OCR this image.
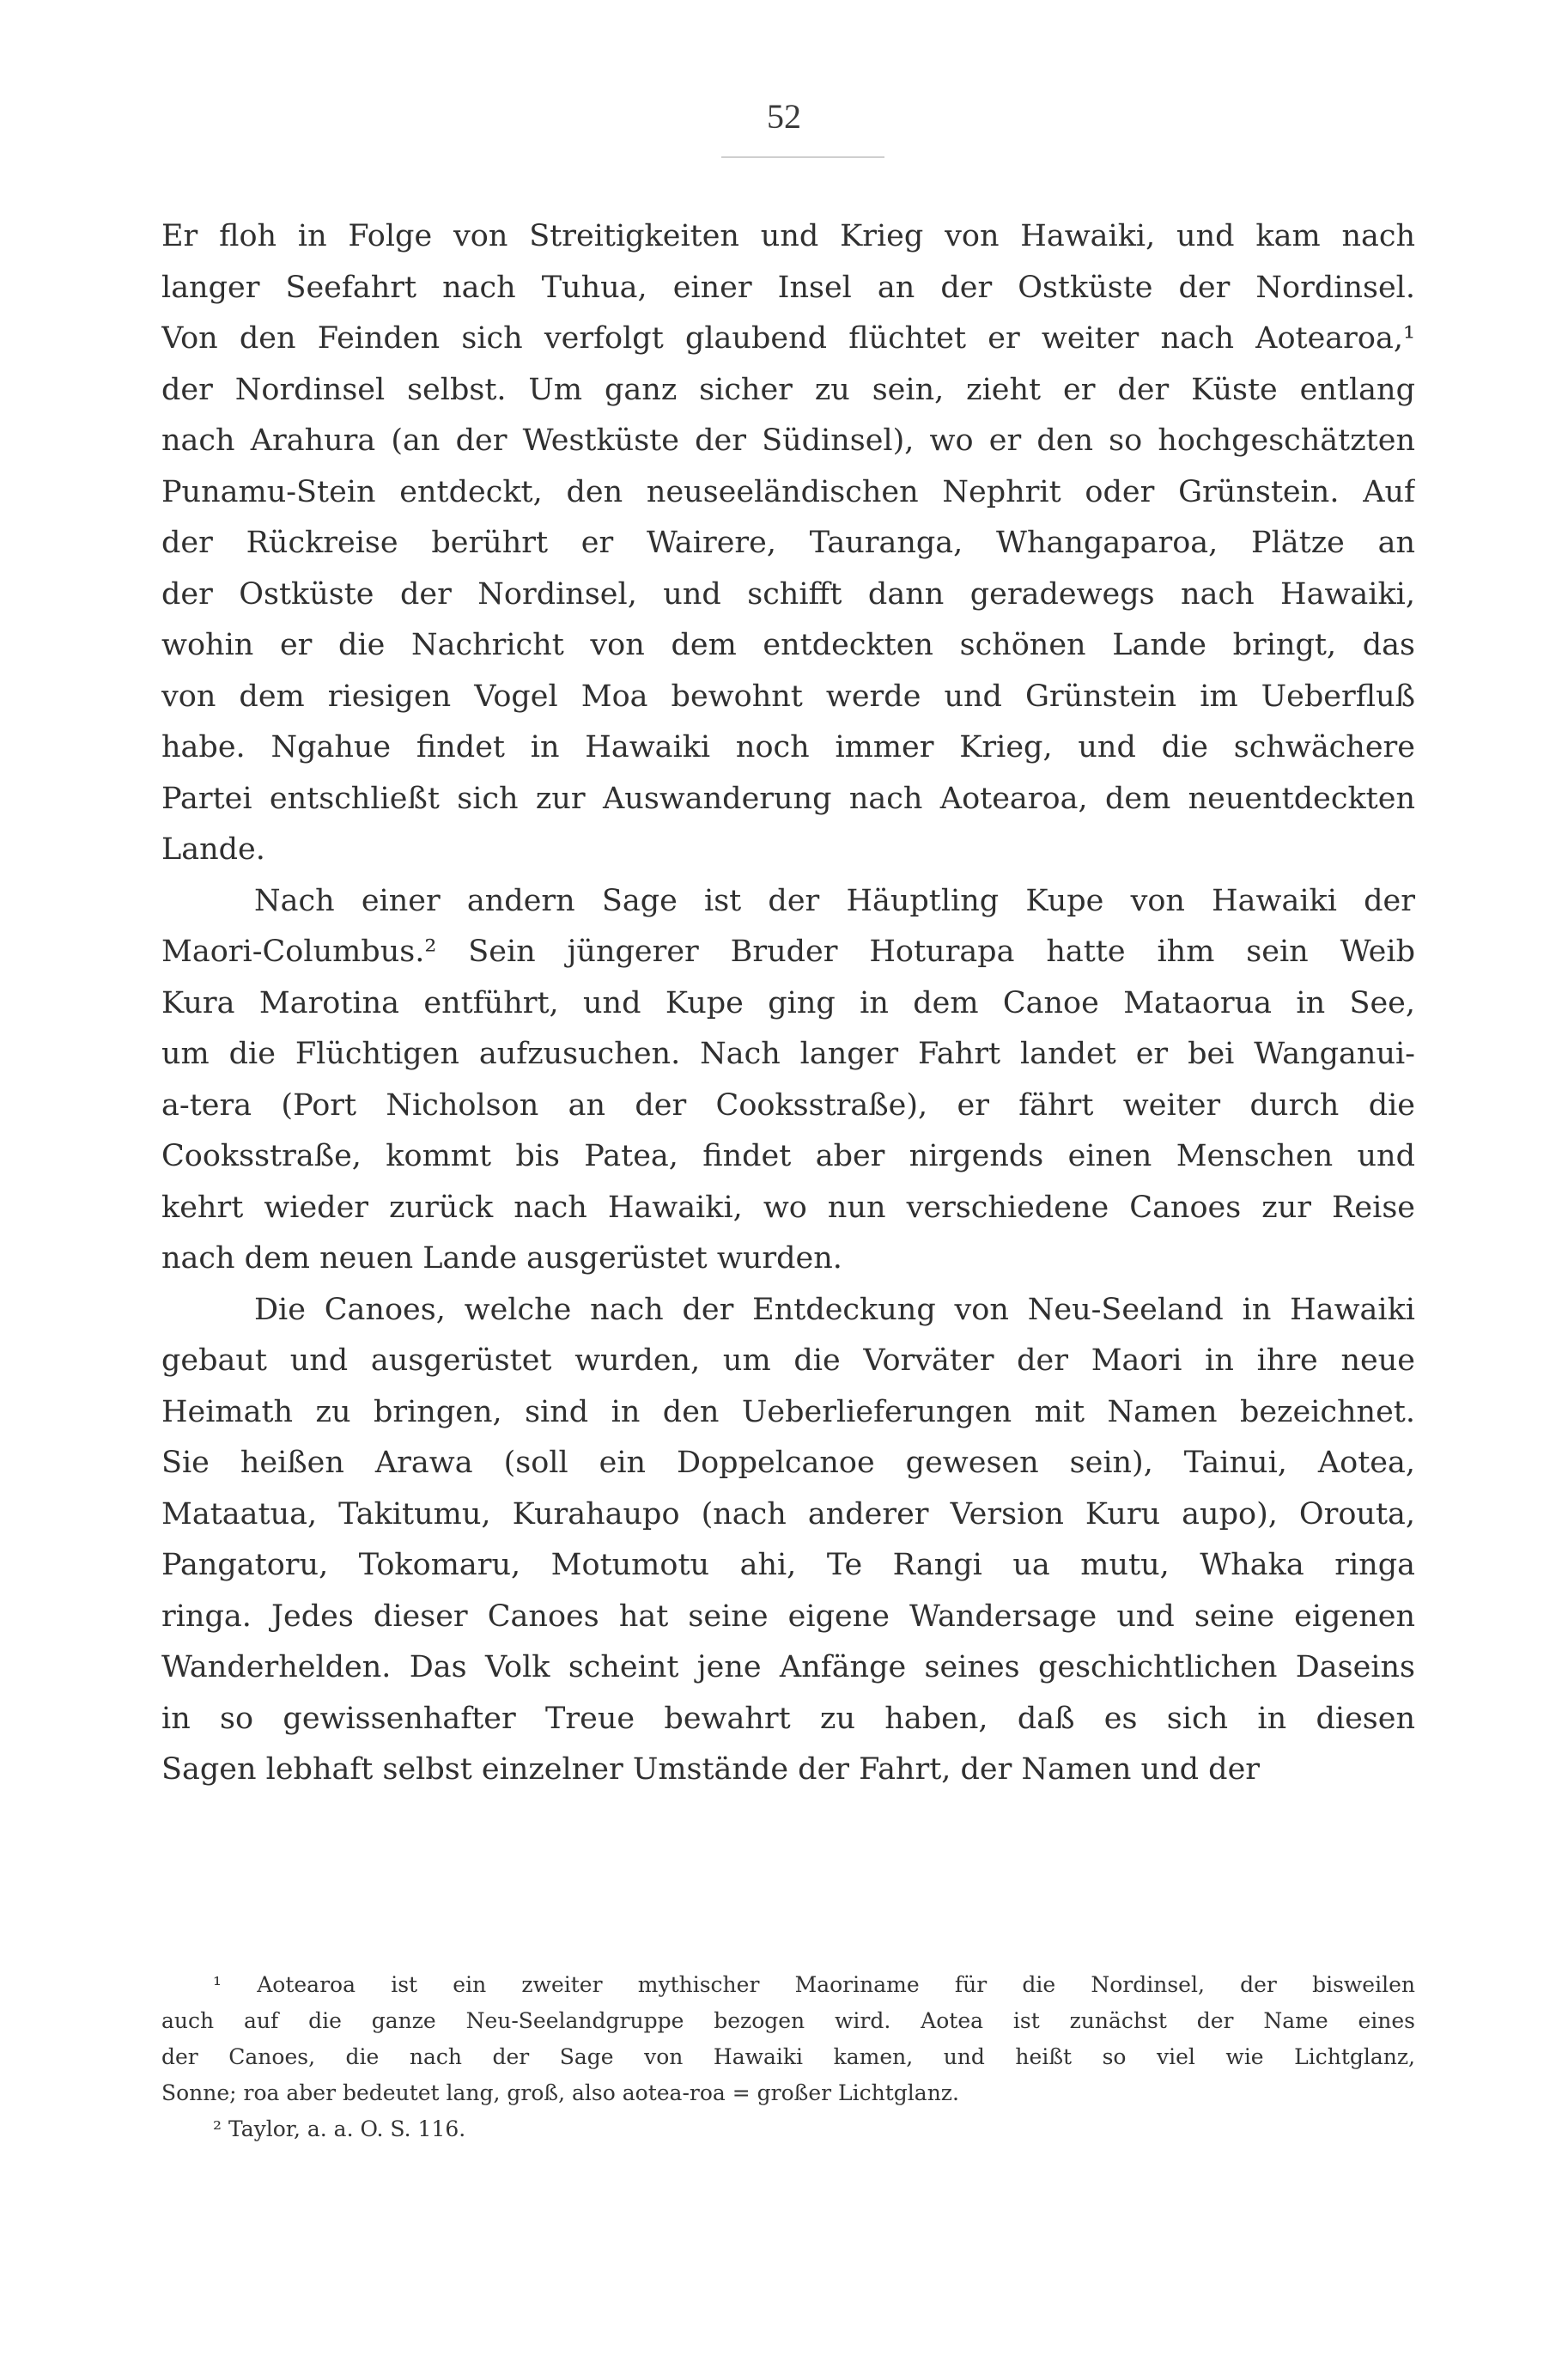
52
Er floh in Folge von Streitigkeiten und Krieg von Hawaiki, und kam nach
langer Seefahrt nach Tuhua, einer Insel an der Ostküste der Nordinsel.
Von den Feinden sich verfolgt glaubend flüchtet er weiter nach Aotearoa,¹
der Nordinsel selbst. Um ganz sicher zu sein, zieht er der Küste entlang
nach Arahura (an der Westküste der Südinsel), wo er den so hochgeschätzten
Punamu-Stein entdeckt, den neuseeländischen Nephrit oder Grünstein. Auf
der Rückreise berührt er Wairere, Tauranga, Whangaparoa, Plätze an
der Ostküste der Nordinsel, und schifft dann geradewegs nach Hawaiki,
wohin er die Nachricht von dem entdeckten schönen Lande bringt, das
von dem riesigen Vogel Moa bewohnt werde und Grünstein im Ueberfluß
habe. Ngahue findet in Hawaiki noch immer Krieg, und die schwächere
Partei entschließt sich zur Auswanderung nach Aotearoa, dem neuentdeckten
Lande.
Nach einer andern Sage ist der Häuptling Kupe von Hawaiki der
Maori-Columbus.² Sein jüngerer Bruder Hoturapa hatte ihm sein Weib
Kura Marotina entführt, und Kupe ging in dem Canoe Mataorua in See,
um die Flüchtigen aufzusuchen. Nach langer Fahrt landet er bei Wanganui-
a-tera (Port Nicholson an der Cooksstraße), er fährt weiter durch die
Cooksstraße, kommt bis Patea, findet aber nirgends einen Menschen und
kehrt wieder zurück nach Hawaiki, wo nun verschiedene Canoes zur Reise
nach dem neuen Lande ausgerüstet wurden.
Die Canoes, welche nach der Entdeckung von Neu-Seeland in Hawaiki
gebaut und ausgerüstet wurden, um die Vorväter der Maori in ihre neue
Heimath zu bringen, sind in den Ueberlieferungen mit Namen bezeichnet.
Sie heißen Arawa (soll ein Doppelcanoe gewesen sein), Tainui, Aotea,
Mataatua, Takitumu, Kurahaupo (nach anderer Version Kuru aupo), Orouta,
Pangatoru, Tokomaru, Motumotu ahi, Te Rangi ua mutu, Whaka ringa
ringa. Jedes dieser Canoes hat seine eigene Wandersage und seine eigenen
Wanderhelden. Das Volk scheint jene Anfänge seines geschichtlichen Daseins
in so gewissenhafter Treue bewahrt zu haben, daß es sich in diesen
Sagen lebhaft selbst einzelner Umstände der Fahrt, der Namen und der
¹ Aotearoa ist ein zweiter mythischer Maoriname für die Nordinsel, der bisweilen
auch auf die ganze Neu-Seelandgruppe bezogen wird. Aotea ist zunächst der Name eines
der Canoes, die nach der Sage von Hawaiki kamen, und heißt so viel wie Lichtglanz,
Sonne; roa aber bedeutet lang, groß, also aotea-roa = großer Lichtglanz.
² Taylor, a. a. O. S. 116.
